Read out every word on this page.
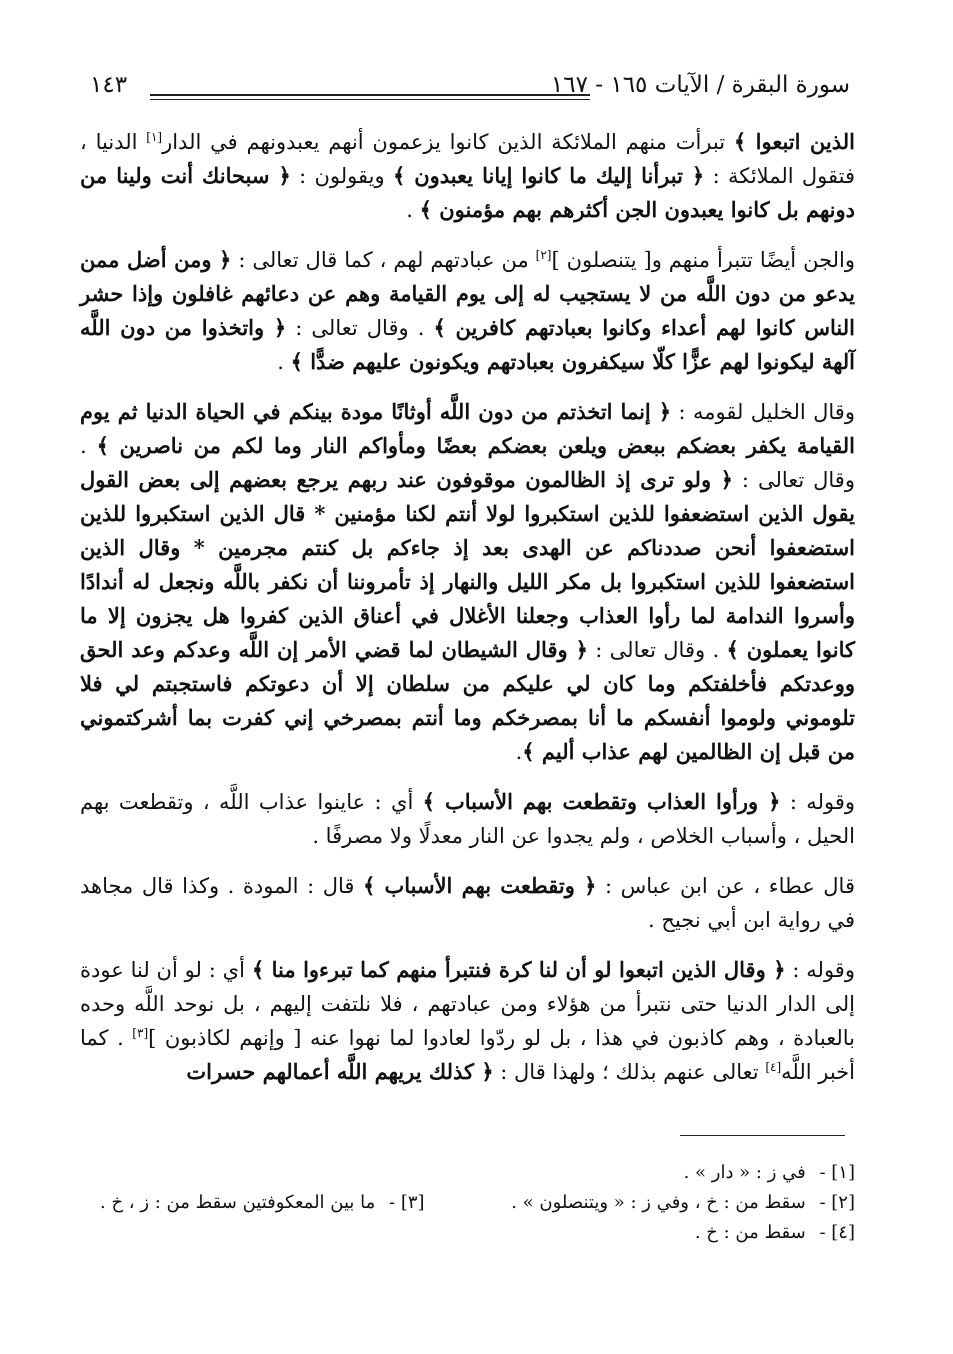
سورة البقرة / الآيات ١٦٥ - ١٦٧
١٤٣

الذين اتبعوا ﴾ تبرأت منهم الملائكة الذين كانوا يزعمون أنهم يعبدونهم في الدار[١] الدنيا ، فتقول الملائكة : ﴿ تبرأنا إليك ما كانوا إيانا يعبدون ﴾ ويقولون : ﴿ سبحانك أنت ولينا من دونهم بل كانوا يعبدون الجن أكثرهم بهم مؤمنون ﴾ .

والجن أيضًا تتبرأ منهم و[ يتنصلون ][٢] من عبادتهم لهم ، كما قال تعالى : ﴿ ومن أضل ممن يدعو من دون اللَّه من لا يستجيب له إلى يوم القيامة وهم عن دعائهم غافلون وإذا حشر الناس كانوا لهم أعداء وكانوا بعبادتهم كافرين ﴾ . وقال تعالى : ﴿ واتخذوا من دون اللَّه آلهة ليكونوا لهم عزًّا كلّا سيكفرون بعبادتهم ويكونون عليهم ضدًّا ﴾ .

وقال الخليل لقومه : ﴿ إنما اتخذتم من دون اللَّه أوثانًا مودة بينكم في الحياة الدنيا ثم يوم القيامة يكفر بعضكم ببعض ويلعن بعضكم بعضًا ومأواكم النار وما لكم من ناصرين ﴾ . وقال تعالى : ﴿ ولو ترى إذ الظالمون موقوفون عند ربهم يرجع بعضهم إلى بعض القول يقول الذين استضعفوا للذين استكبروا لولا أنتم لكنا مؤمنين * قال الذين استكبروا للذين استضعفوا أنحن صددناكم عن الهدى بعد إذ جاءكم بل كنتم مجرمين * وقال الذين استضعفوا للذين استكبروا بل مكر الليل والنهار إذ تأمروننا أن نكفر باللَّه ونجعل له أندادًا وأسروا الندامة لما رأوا العذاب وجعلنا الأغلال في أعناق الذين كفروا هل يجزون إلا ما كانوا يعملون ﴾ . وقال تعالى : ﴿ وقال الشيطان لما قضي الأمر إن اللَّه وعدكم وعد الحق ووعدتكم فأخلفتكم وما كان لي عليكم من سلطان إلا أن دعوتكم فاستجبتم لي فلا تلوموني ولوموا أنفسكم ما أنا بمصرخكم وما أنتم بمصرخي إني كفرت بما أشركتموني من قبل إن الظالمين لهم عذاب أليم ﴾.

وقوله : ﴿ ورأوا العذاب وتقطعت بهم الأسباب ﴾ أي : عاينوا عذاب اللَّه ، وتقطعت بهم الحيل ، وأسباب الخلاص ، ولم يجدوا عن النار معدلًا ولا مصرفًا .

قال عطاء ، عن ابن عباس : ﴿ وتقطعت بهم الأسباب ﴾ قال : المودة . وكذا قال مجاهد في رواية ابن أبي نجيح .

وقوله : ﴿ وقال الذين اتبعوا لو أن لنا كرة فنتبرأ منهم كما تبرءوا منا ﴾ أي : لو أن لنا عودة إلى الدار الدنيا حتى نتبرأ من هؤلاء ومن عبادتهم ، فلا نلتفت إليهم ، بل نوحد اللَّه وحده بالعبادة ، وهم كاذبون في هذا ، بل لو ردّوا لعادوا لما نهوا عنه [ وإنهم لكاذبون ][٣] . كما أخبر اللَّه[٤] تعالى عنهم بذلك ؛ ولهذا قال : ﴿ كذلك يريهم اللَّه أعمالهم حسرات

[١] - في ز : « دار » .
[٢] - سقط من : خ ، وفي ز : « ويتنصلون » .
[٣] - ما بين المعكوفتين سقط من : ز ، خ .
[٤] - سقط من : خ .
